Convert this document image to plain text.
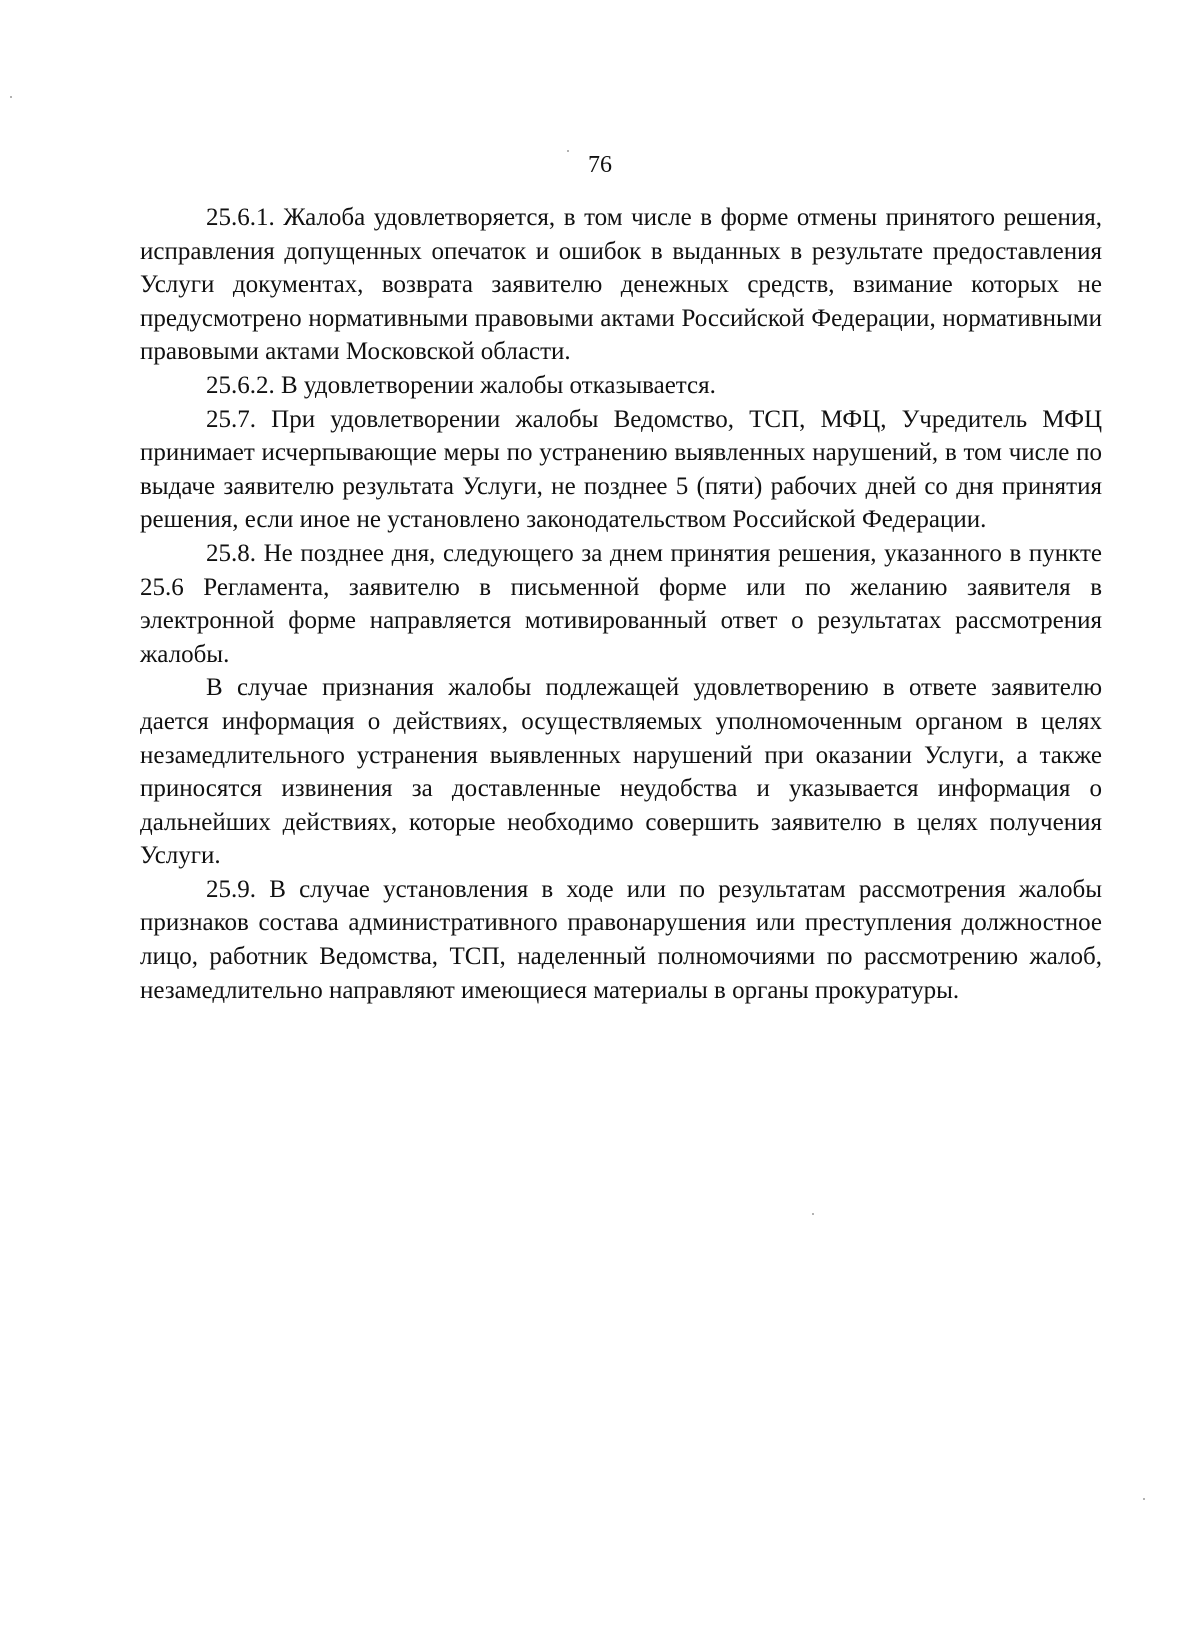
76

25.6.1. Жалоба удовлетворяется, в том числе в форме отмены принятого решения, исправления допущенных опечаток и ошибок в выданных в результате предоставления Услуги документах, возврата заявителю денежных средств, взимание которых не предусмотрено нормативными правовыми актами Российской Федерации, нормативными правовыми актами Московской области.

25.6.2. В удовлетворении жалобы отказывается.

25.7. При удовлетворении жалобы Ведомство, ТСП, МФЦ, Учредитель МФЦ принимает исчерпывающие меры по устранению выявленных нарушений, в том числе по выдаче заявителю результата Услуги, не позднее 5 (пяти) рабочих дней со дня принятия решения, если иное не установлено законодательством Российской Федерации.

25.8. Не позднее дня, следующего за днем принятия решения, указанного в пункте 25.6 Регламента, заявителю в письменной форме или по желанию заявителя в электронной форме направляется мотивированный ответ о результатах рассмотрения жалобы.

В случае признания жалобы подлежащей удовлетворению в ответе заявителю дается информация о действиях, осуществляемых уполномоченным органом в целях незамедлительного устранения выявленных нарушений при оказании Услуги, а также приносятся извинения за доставленные неудобства и указывается информация о дальнейших действиях, которые необходимо совершить заявителю в целях получения Услуги.

25.9. В случае установления в ходе или по результатам рассмотрения жалобы признаков состава административного правонарушения или преступления должностное лицо, работник Ведомства, ТСП, наделенный полномочиями по рассмотрению жалоб, незамедлительно направляют имеющиеся материалы в органы прокуратуры.
